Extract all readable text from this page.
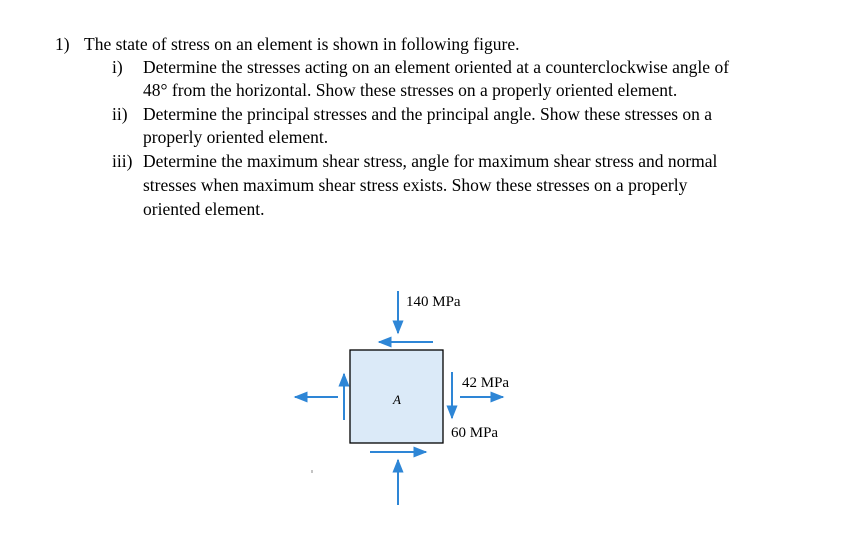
1) The state of stress on an element is shown in following figure.
i) Determine the stresses acting on an element oriented at a counterclockwise angle of
48° from the horizontal. Show these stresses on a properly oriented element.
ii) Determine the principal stresses and the principal angle. Show these stresses on a
properly oriented element.
iii) Determine the maximum shear stress, angle for maximum shear stress and normal
stresses when maximum shear stress exists. Show these stresses on a properly
oriented element.
A
140 MPa
42 MPa
60 MPa
